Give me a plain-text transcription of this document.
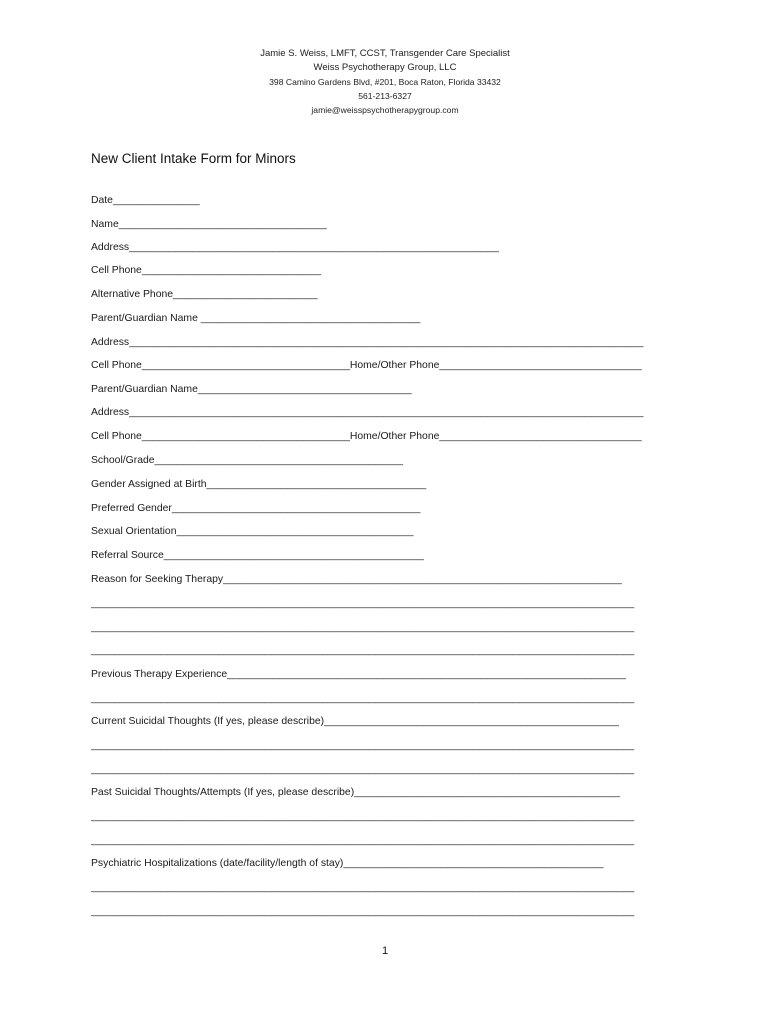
Jamie S. Weiss, LMFT, CCST, Transgender Care Specialist
Weiss Psychotherapy Group, LLC
398 Camino Gardens Blvd, #201, Boca Raton, Florida 33432
561-213-6327
jamie@weisspsychotherapygroup.com
New Client Intake Form for Minors
Date_______________
Name____________________________________
Address________________________________________________________________
Cell Phone_______________________________
Alternative Phone_________________________
Parent/Guardian Name ______________________________________
Address_________________________________________________________________________________________
Cell Phone____________________________________Home/Other Phone___________________________________
Parent/Guardian Name_____________________________________
Address_________________________________________________________________________________________
Cell Phone____________________________________Home/Other Phone___________________________________
School/Grade___________________________________________
Gender Assigned at Birth______________________________________
Preferred Gender___________________________________________
Sexual Orientation_________________________________________
Referral Source_____________________________________________
Reason for Seeking Therapy_____________________________________________________________________
______________________________________________________________________________________________
______________________________________________________________________________________________
______________________________________________________________________________________________
Previous Therapy Experience_____________________________________________________________________
______________________________________________________________________________________________
Current Suicidal Thoughts (If yes, please describe)___________________________________________________
______________________________________________________________________________________________
______________________________________________________________________________________________
Past Suicidal Thoughts/Attempts (If yes, please describe)______________________________________________
______________________________________________________________________________________________
______________________________________________________________________________________________
Psychiatric Hospitalizations (date/facility/length of stay)_____________________________________________
______________________________________________________________________________________________
______________________________________________________________________________________________
1
